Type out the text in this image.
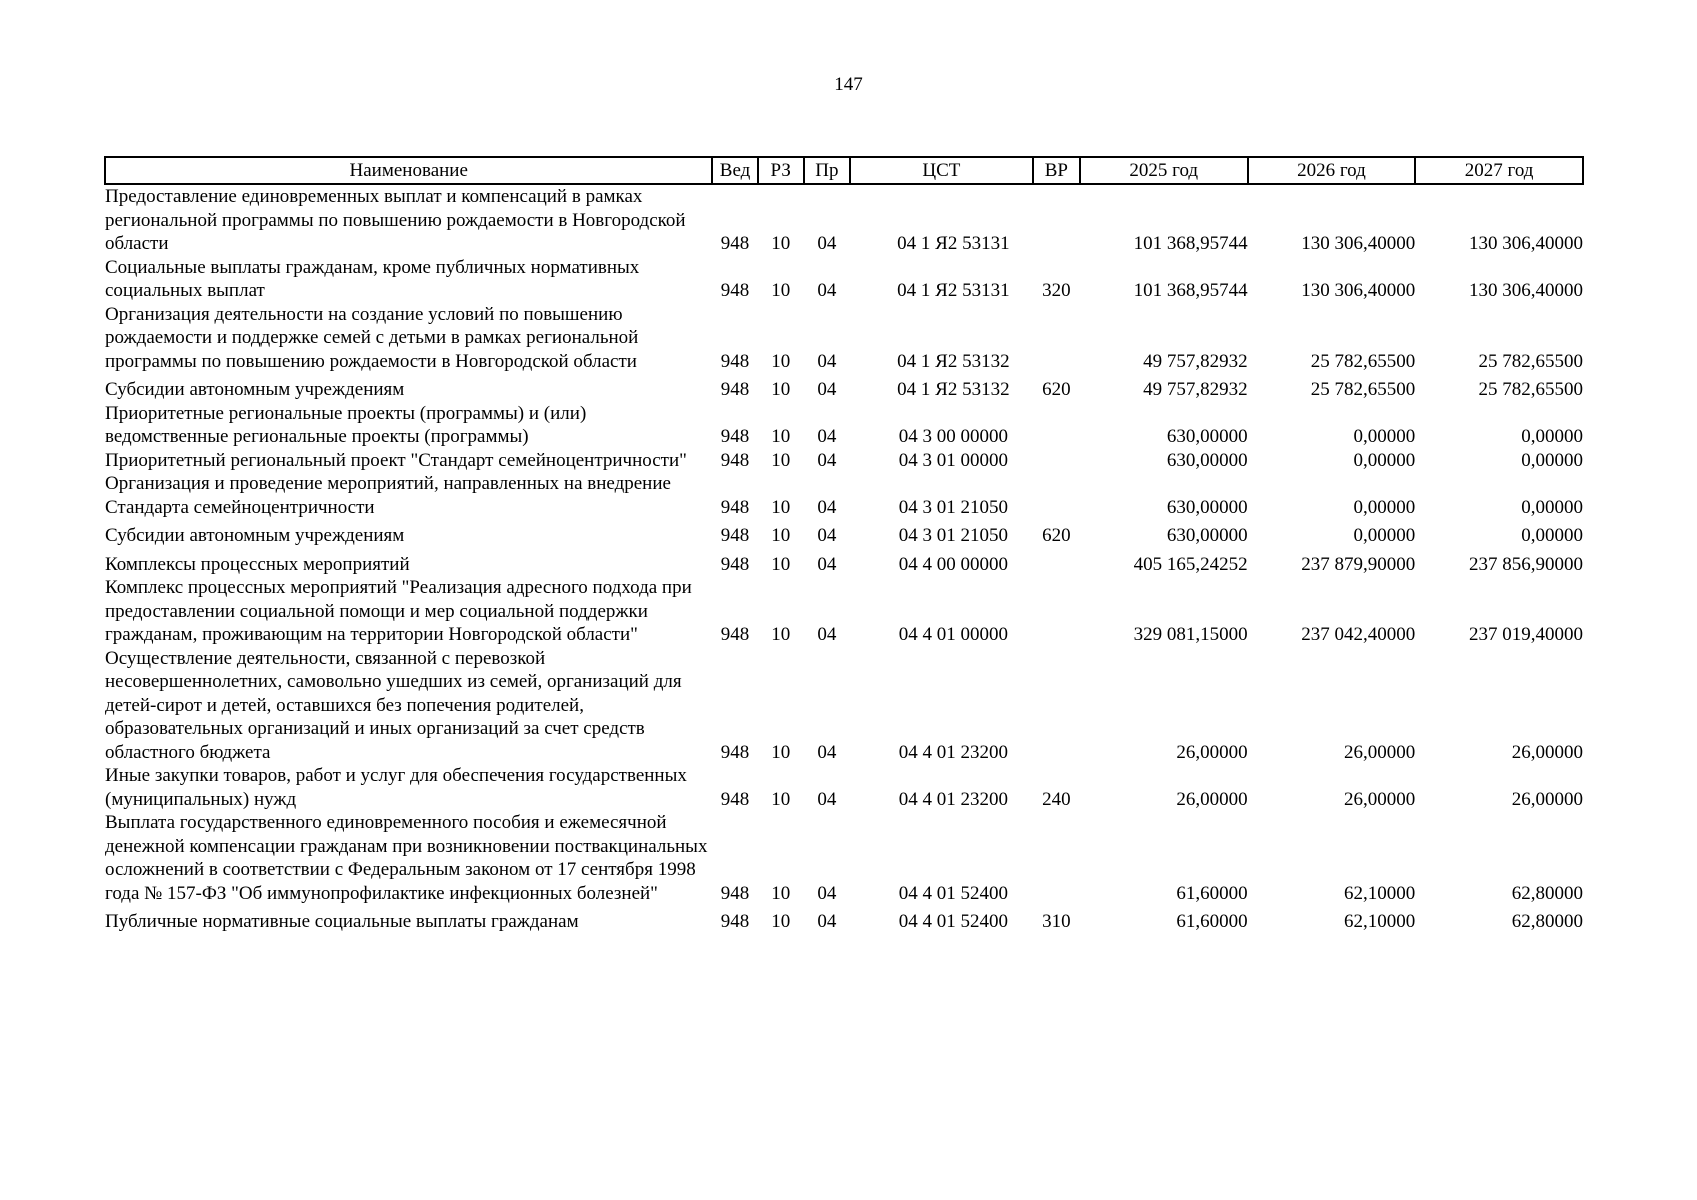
147
Наименование	Вед	РЗ	Пр	ЦСТ	ВР	2025 год	2026 год	2027 год
Предоставление единовременных выплат и компенсаций в рамках региональной программы по повышению рождаемости в Новгородской области	948	10	04	04 1 Я2 53131		101 368,95744	130 306,40000	130 306,40000
Социальные выплаты гражданам, кроме публичных нормативных социальных выплат	948	10	04	04 1 Я2 53131	320	101 368,95744	130 306,40000	130 306,40000
Организация деятельности на создание условий по повышению рождаемости и поддержке семей с детьми в рамках региональной программы по повышению рождаемости в Новгородской области	948	10	04	04 1 Я2 53132		49 757,82932	25 782,65500	25 782,65500
Субсидии автономным учреждениям	948	10	04	04 1 Я2 53132	620	49 757,82932	25 782,65500	25 782,65500
Приоритетные региональные проекты (программы) и (или) ведомственные региональные проекты (программы)	948	10	04	04 3 00 00000		630,00000	0,00000	0,00000
Приоритетный региональный проект "Стандарт семейноцентричности"	948	10	04	04 3 01 00000		630,00000	0,00000	0,00000
Организация и проведение мероприятий, направленных на внедрение Стандарта семейноцентричности	948	10	04	04 3 01 21050		630,00000	0,00000	0,00000
Субсидии автономным учреждениям	948	10	04	04 3 01 21050	620	630,00000	0,00000	0,00000
Комплексы процессных мероприятий	948	10	04	04 4 00 00000		405 165,24252	237 879,90000	237 856,90000
Комплекс процессных мероприятий "Реализация адресного подхода при предоставлении социальной помощи и мер социальной поддержки гражданам, проживающим на территории Новгородской области"	948	10	04	04 4 01 00000		329 081,15000	237 042,40000	237 019,40000
Осуществление деятельности, связанной с перевозкой несовершеннолетних, самовольно ушедших из семей, организаций для детей-сирот и детей, оставшихся без попечения родителей, образовательных организаций и иных организаций за счет средств областного бюджета	948	10	04	04 4 01 23200		26,00000	26,00000	26,00000
Иные закупки товаров, работ и услуг для обеспечения государственных (муниципальных) нужд	948	10	04	04 4 01 23200	240	26,00000	26,00000	26,00000
Выплата государственного единовременного пособия и ежемесячной денежной компенсации гражданам при возникновении поствакцинальных осложнений в соответствии с Федеральным законом от 17 сентября 1998 года № 157-ФЗ "Об иммунопрофилактике инфекционных болезней"	948	10	04	04 4 01 52400		61,60000	62,10000	62,80000
Публичные нормативные социальные выплаты гражданам	948	10	04	04 4 01 52400	310	61,60000	62,10000	62,80000
